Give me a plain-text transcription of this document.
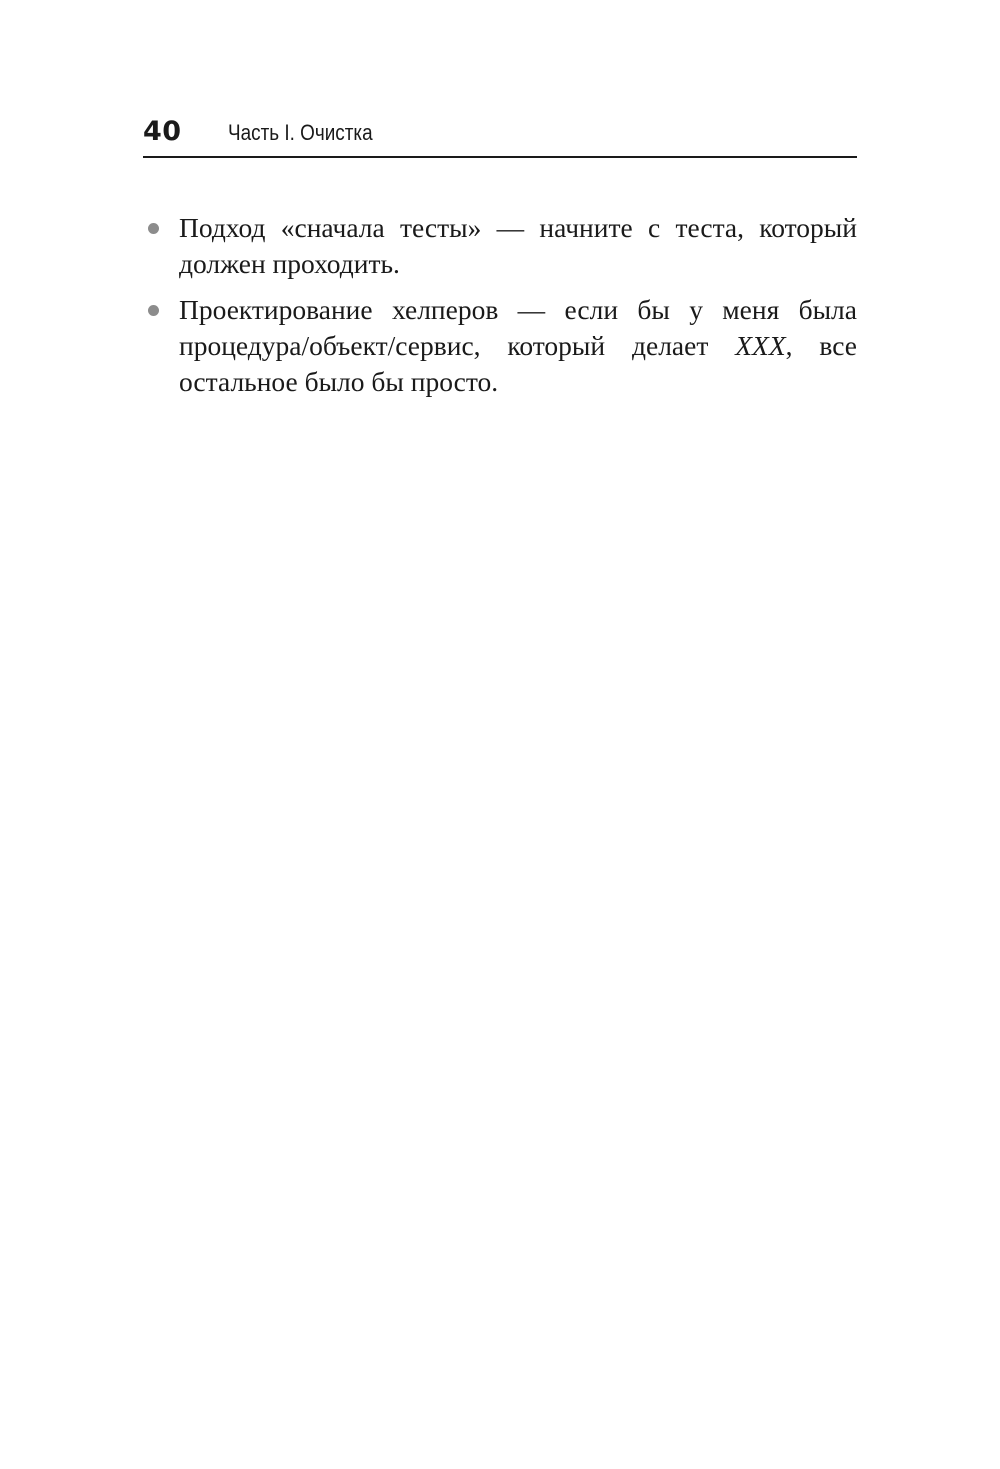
40 Часть I. Очистка
Подход «сначала тесты» — начните с теста, который должен проходить.
Проектирование хелперов — если бы у меня была процедура/объект/сервис, который делает XXX, все остальное было бы просто.
